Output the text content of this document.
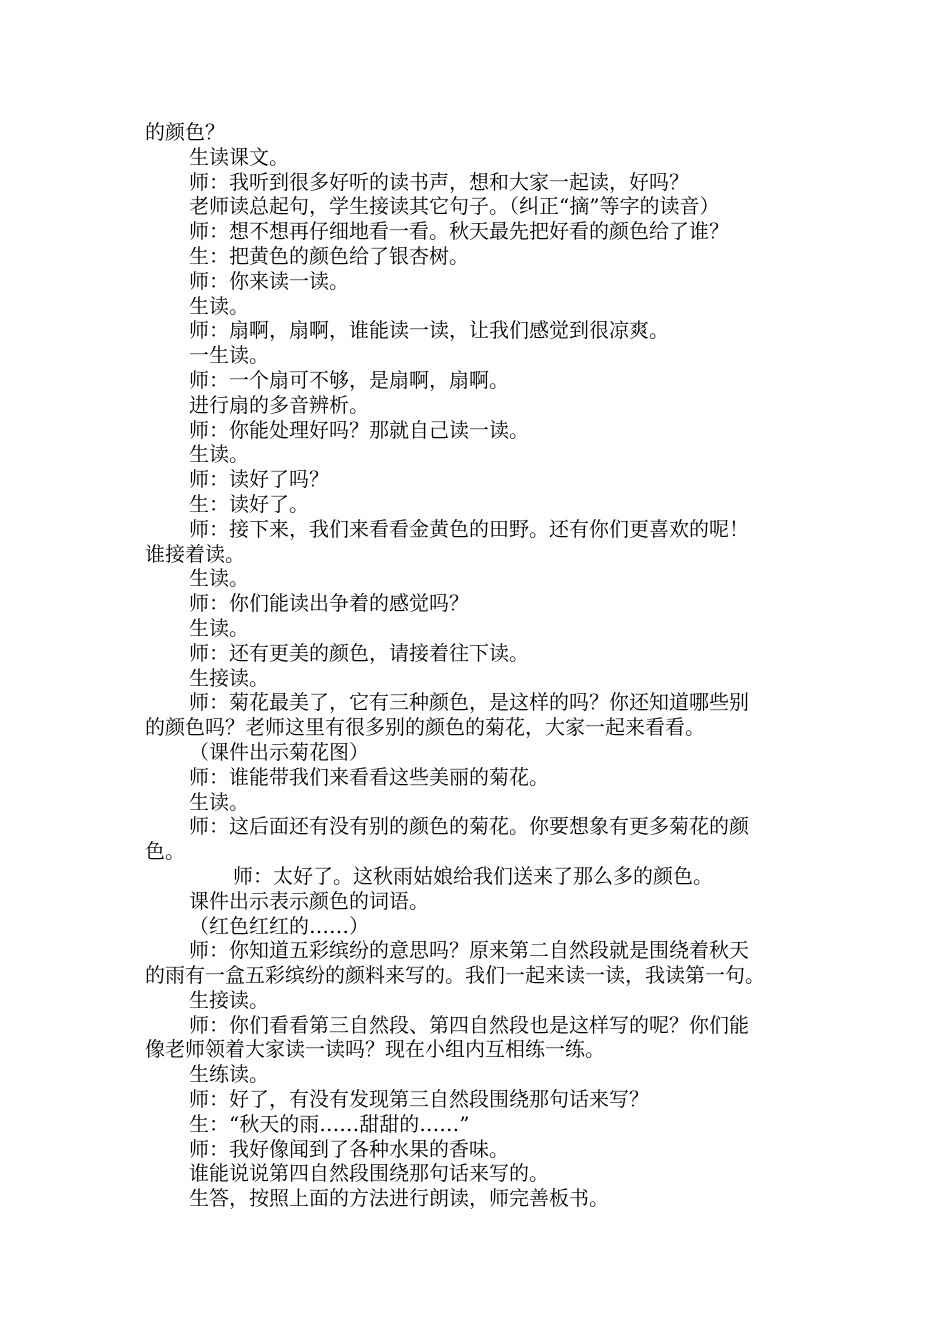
的颜色？
生读课文。
师：我听到很多好听的读书声，想和大家一起读，好吗？
老师读总起句，学生接读其它句子。（纠正“摘”等字的读音）
师：想不想再仔细地看一看。秋天最先把好看的颜色给了谁？
生：把黄色的颜色给了银杏树。
师：你来读一读。
生读。
师：扇啊，扇啊，谁能读一读，让我们感觉到很凉爽。
一生读。
师：一个扇可不够，是扇啊，扇啊。
进行扇的多音辨析。
师：你能处理好吗？那就自己读一读。
生读。
师：读好了吗？
生：读好了。
师：接下来，我们来看看金黄色的田野。还有你们更喜欢的呢！
谁接着读。
生读。
师：你们能读出争着的感觉吗？
生读。
师：还有更美的颜色，请接着往下读。
生接读。
师：菊花最美了，它有三种颜色，是这样的吗？你还知道哪些别
的颜色吗？老师这里有很多别的颜色的菊花，大家一起来看看。
（课件出示菊花图）
师：谁能带我们来看看这些美丽的菊花。
生读。
师：这后面还有没有别的颜色的菊花。你要想象有更多菊花的颜
色。
师：太好了。这秋雨姑娘给我们送来了那么多的颜色。
课件出示表示颜色的词语。
（红色红红的……）
师：你知道五彩缤纷的意思吗？原来第二自然段就是围绕着秋天
的雨有一盒五彩缤纷的颜料来写的。我们一起来读一读，我读第一句。
生接读。
师：你们看看第三自然段、第四自然段也是这样写的呢？你们能
像老师领着大家读一读吗？现在小组内互相练一练。
生练读。
师：好了，有没有发现第三自然段围绕那句话来写？
生：“秋天的雨……甜甜的……”
师：我好像闻到了各种水果的香味。
谁能说说第四自然段围绕那句话来写的。
生答，按照上面的方法进行朗读，师完善板书。
